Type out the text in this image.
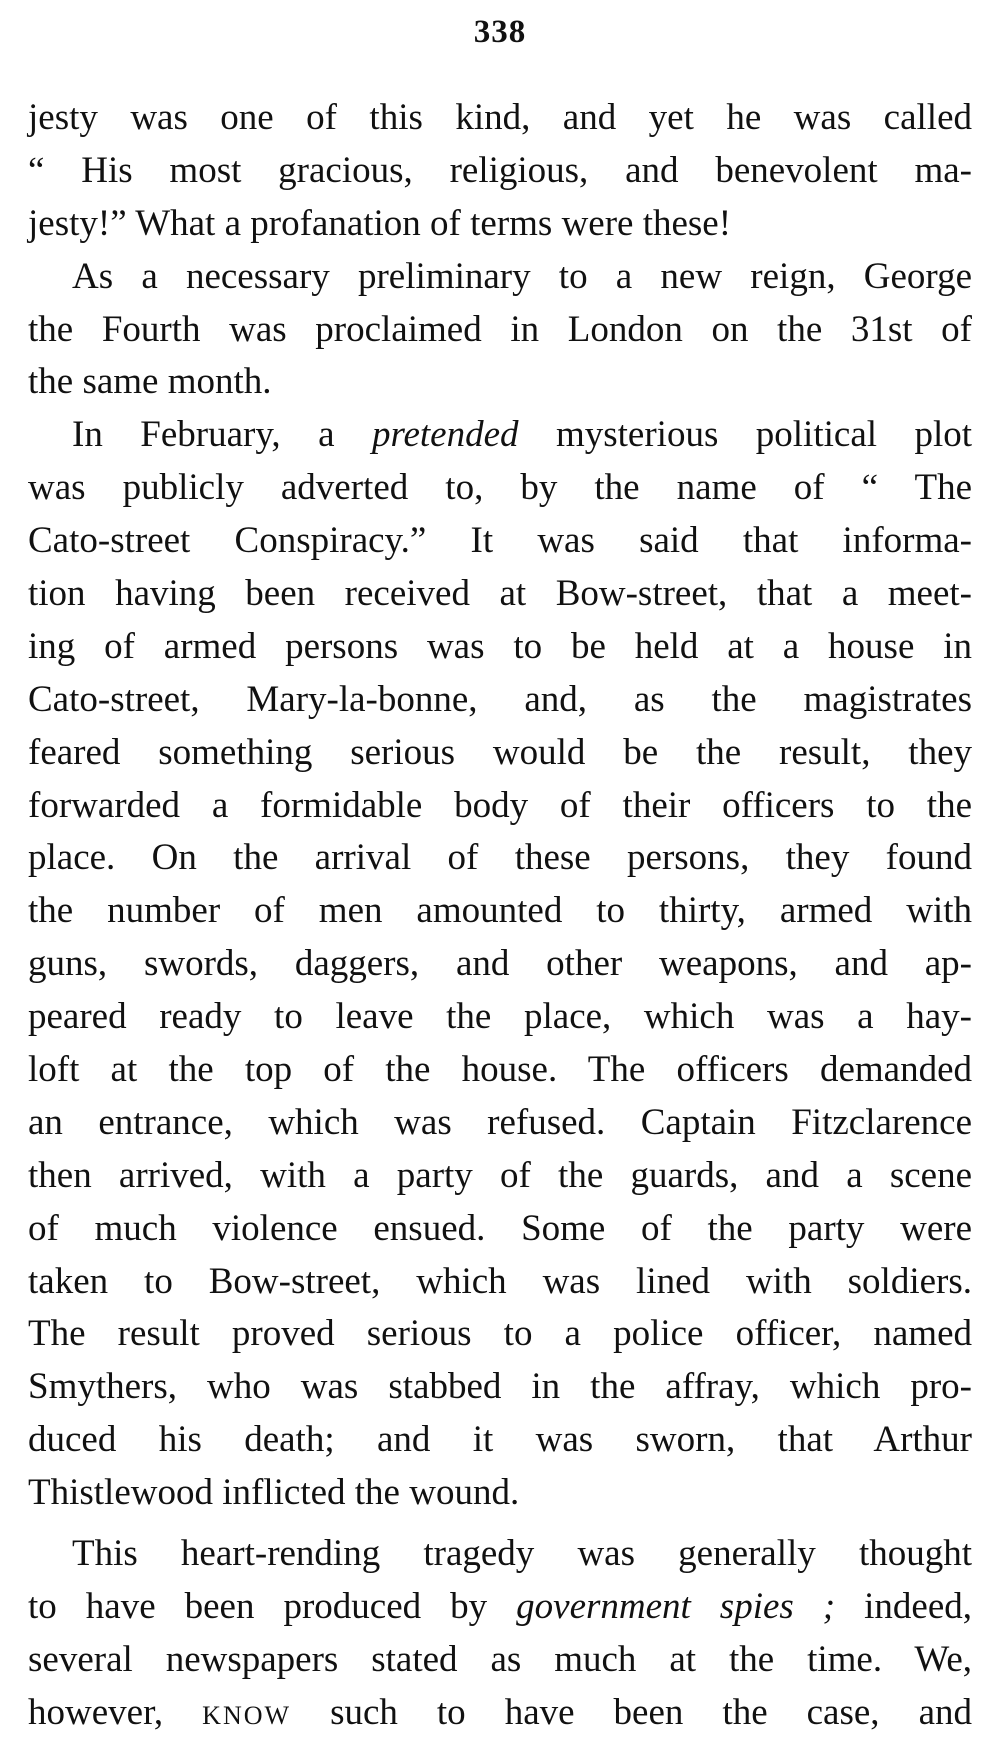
338
jesty was one of this kind, and yet he was called
“ His most gracious, religious, and benevolent ma-
jesty!” What a profanation of terms were these!
As a necessary preliminary to a new reign, George
the Fourth was proclaimed in London on the 31st of
the same month.
In February, a pretended mysterious political plot
was publicly adverted to, by the name of “ The
Cato-street Conspiracy.” It was said that informa-
tion having been received at Bow-street, that a meet-
ing of armed persons was to be held at a house in
Cato-street, Mary-la-bonne, and, as the magistrates
feared something serious would be the result, they
forwarded a formidable body of their officers to the
place. On the arrival of these persons, they found
the number of men amounted to thirty, armed with
guns, swords, daggers, and other weapons, and ap-
peared ready to leave the place, which was a hay-
loft at the top of the house. The officers demanded
an entrance, which was refused. Captain Fitzclarence
then arrived, with a party of the guards, and a scene
of much violence ensued. Some of the party were
taken to Bow-street, which was lined with soldiers.
The result proved serious to a police officer, named
Smythers, who was stabbed in the affray, which pro-
duced his death; and it was sworn, that Arthur
Thistlewood inflicted the wound.
This heart-rending tragedy was generally thought
to have been produced by government spies ; indeed,
several newspapers stated as much at the time. We,
however, KNOW such to have been the case, and
